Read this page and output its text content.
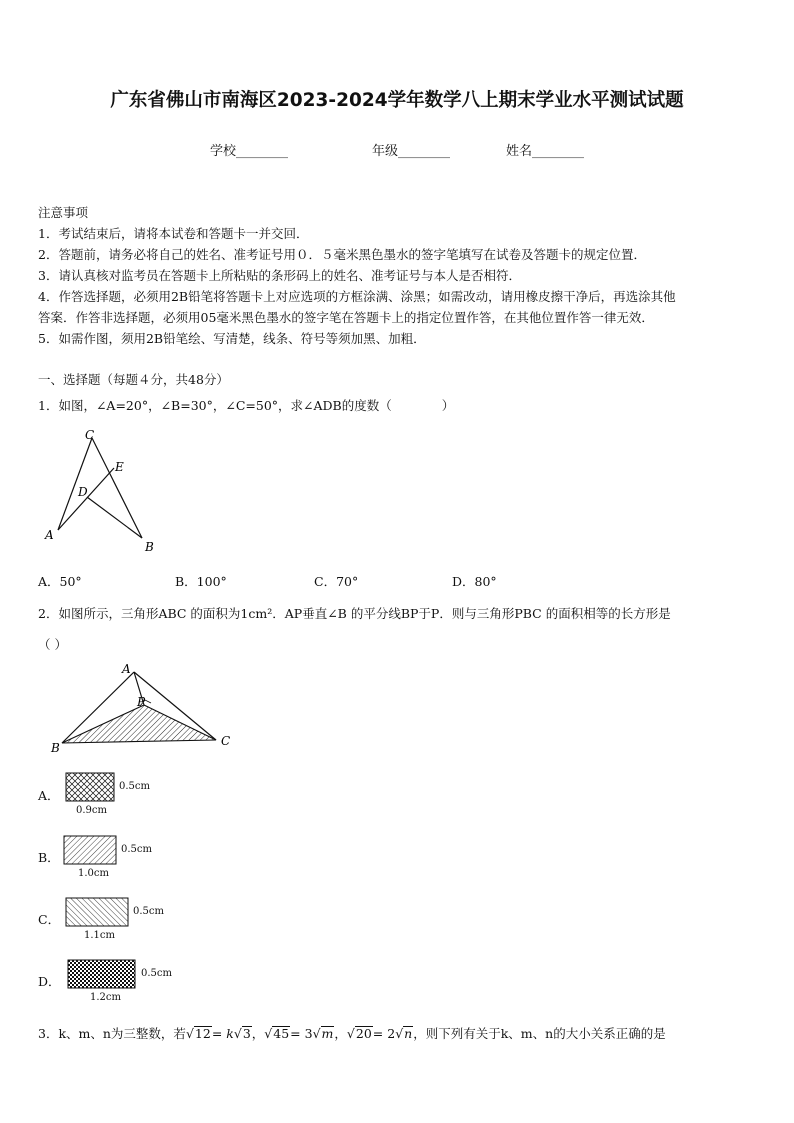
广东省佛山市南海区2023-2024学年数学八上期末学业水平测试试题
学校________	年级________	姓名________
注意事项
1．考试结束后，请将本试卷和答题卡一并交回．
2．答题前，请务必将自己的姓名、准考证号用０．５毫米黑色墨水的签字笔填写在试卷及答题卡的规定位置．
3．请认真核对监考员在答题卡上所粘贴的条形码上的姓名、准考证号与本人是否相符．
4．作答选择题，必须用2B铅笔将答题卡上对应选项的方框涂满、涂黑；如需改动，请用橡皮擦干净后，再选涂其他
答案．作答非选择题，必须用05毫米黑色墨水的签字笔在答题卡上的指定位置作答，在其他位置作答一律无效．
5．如需作图，须用2B铅笔绘、写清楚，线条、符号等须加黑、加粗．
一、选择题（每题４分，共48分）
1．如图，∠A=20°，∠B=30°，∠C=50°，求∠ADB的度数（　　　　）
C
E
D
A
B
A．50°	B．100°	C．70°	D．80°
2．如图所示，三角形ABC 的面积为1cm²．AP垂直∠B 的平分线BP于P．则与三角形PBC 的面积相等的长方形是
（ ）
A
P
B	C
A．
0.5cm
0.9cm
B．
0.5cm
1.0cm
C．
0.5cm
1.1cm
D．
0.5cm
1.2cm
3．k、m、n为三整数，若√12= k√3，√45= 3√m，√20= 2√n，则下列有关于k、m、n的大小关系正确的是
